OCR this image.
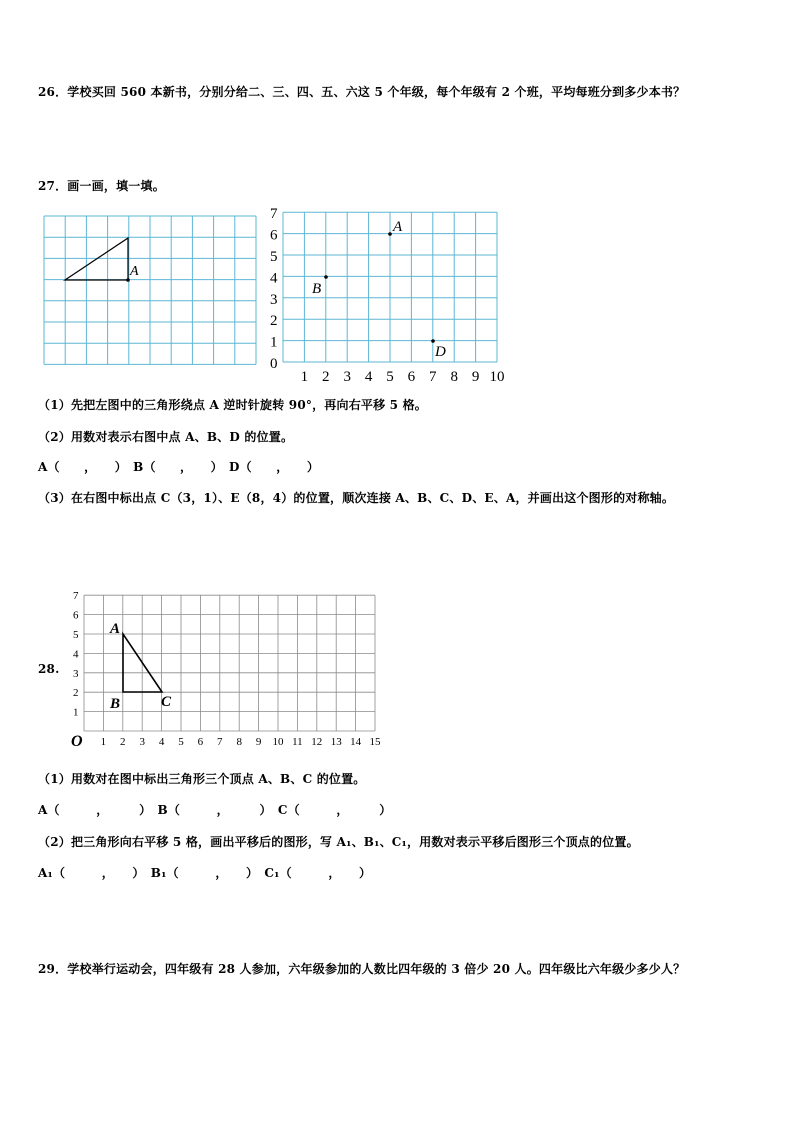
26．学校买回 560 本新书，分别分给二、三、四、五、六这 5 个年级，每个年级有 2 个班，平均每班分到多少本书？
27．画一画，填一填。
A
0
1
2
3
4
5
6
7
1 2 3 4 5 6 7 8 9 10
A
B
D
（1）先把左图中的三角形绕点 A 逆时针旋转 90°，再向右平移 5 格。
（2）用数对表示右图中点 A、B、D 的位置。
A（　　，　　）　B（　　，　　）　D（　　，　　）
（3）在右图中标出点 C（3，1）、E（8，4）的位置，顺次连接 A、B、C、D、E、A，并画出这个图形的对称轴。
28.
1
2
3
4
5
6
7
1 2 3 4 5 6 7 8 9 10 11 12 13 14 15
O
A
B	C
（1）用数对在图中标出三角形三个顶点 A、B、C 的位置。
A（　　　，　　　）　B（　　　，　　　）　C（　　　，　　　）
（2）把三角形向右平移 5 格，画出平移后的图形，写 A₁、B₁、C₁，用数对表示平移后图形三个顶点的位置。
A₁（　　　，　　）　B₁（　　　，　　）　C₁（　　　，　　）
29．学校举行运动会，四年级有 28 人参加，六年级参加的人数比四年级的 3 倍少 20 人。四年级比六年级少多少人？
